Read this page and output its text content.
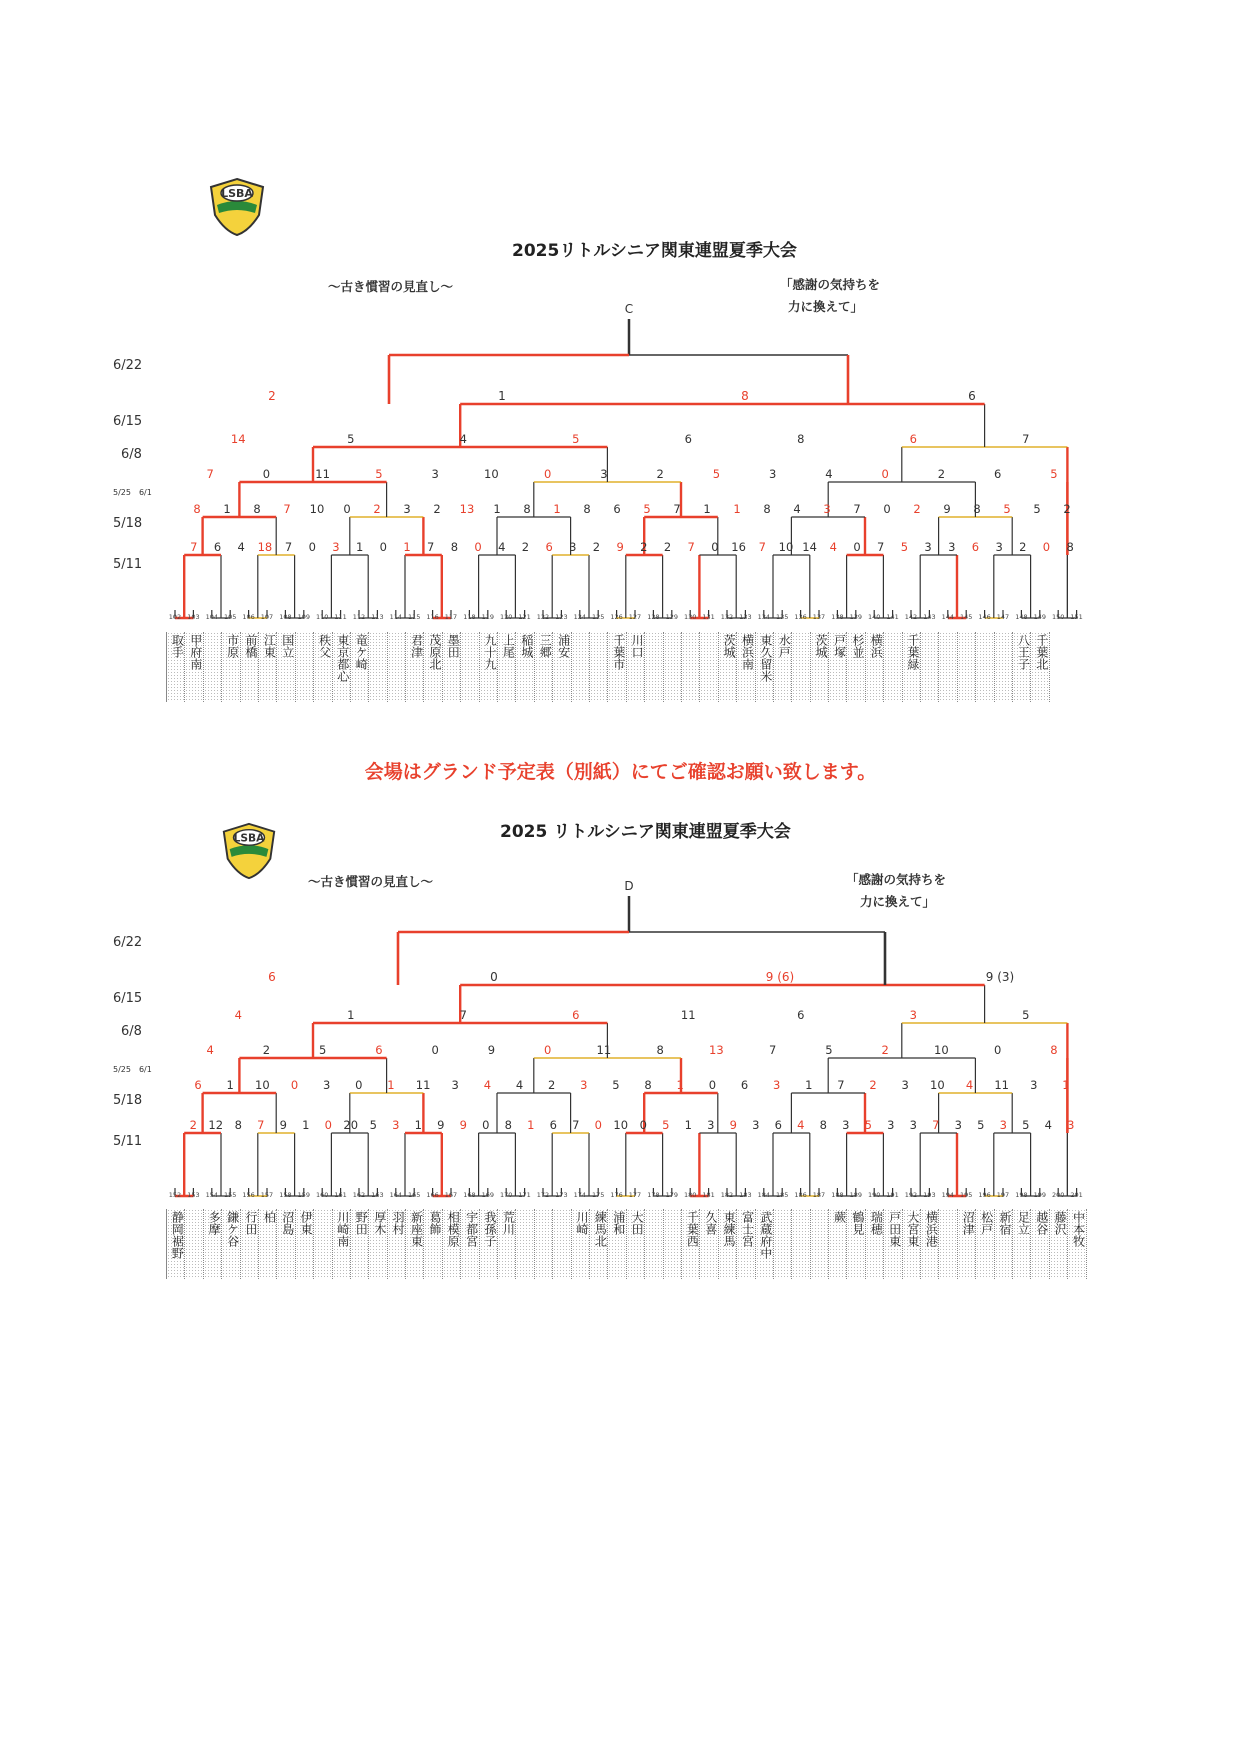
LSBA
2025リトルシニア関東連盟夏季大会
〜古き慣習の見直し〜	「感謝の気持ちを
力に換えて」
6/22
6/15
6/8
5/25　6/1
5/18
5/11
C
2	1	8	6
14	5	4	5	6	8	6	7
7	0	11	5	3	10	0	3	2	5	3	4	0	2	6	5
8 1 8 7 10 0 2 3 2 13 1 8 1 8 6 5 7 1 1 8 4 3 7 0 2 9 8 5 5 2
7 6 4 18 7 0 3 1 0 1 7 8 0 4 2 6 3 2 9 2 2 7 0 16 7 10 14 4 0 7 5 3 3 6 3 2 0 8
102 103 104 105 106 107 108 109 110 111 112 113 114 115 116 117 118 119 120 121 122 123 124 125 126 127 128 129 130 131 132 133 134 135 136 137 138 139 140 141 142 143 144 145 146 147 148 149 150 151
取手 甲府南 市原 前橋 江東 国立 秩父 東京都心 竜ケ崎	君津 茂原北 墨田 九十九 上尾 稲城 三郷 浦安	千葉市 川口	茨城 横浜南 東久留米 水戸 茨城 戸塚 杉並 横浜 千葉緑	八王子 千葉北
会場はグランド予定表（別紙）にてご確認お願い致します。
LSBA	2025 リトルシニア関東連盟夏季大会
〜古き慣習の見直し〜	「感謝の気持ちを
力に換えて」
6/22
6/15
6/8
5/25　6/1
5/18
5/11
D
6	0	9 (6)	9 (3)
4	1	7	6	11	6	3	5
4	2	5	6	0	9	0	11	8	13	7	5	2	10	0	8
6 1 10 0 3 0 1 11 3 4 4 2 3 5 8 1 0 6 3 1 7 2 3 10 4 11 3 1
2 12 8 7 9 1 0 20 5 3 1 9 9 0 8 1 6 7 0 10 0 5 1 3 9 3 6 4 8 3 5 3 3 7 3 5 3 5 4 3
152 153 154 155 156 157 158 159 160 161 162 163 164 165 166 167 168 169 170 171 172 173 174 175 176 177 178 179 180 181 182 183 184 185 186 187 188 189 190 191 192 193 194 195 196 197 198 199 200 201
静岡裾野 多摩 鎌ケ谷 行田 柏 沼島 伊東 川崎南 野田 厚木 羽村 新座東 葛飾 相模原 宇都宮 我孫子 荒川	川崎 練馬北 浦和 大田	千葉西 久喜 東練馬 富士宮 武蔵府中	蕨 鶴見 瑞穂 戸田東 大宮東 横浜港 沼津 松戸 新宿 足立 越谷 藤沢 中本牧
